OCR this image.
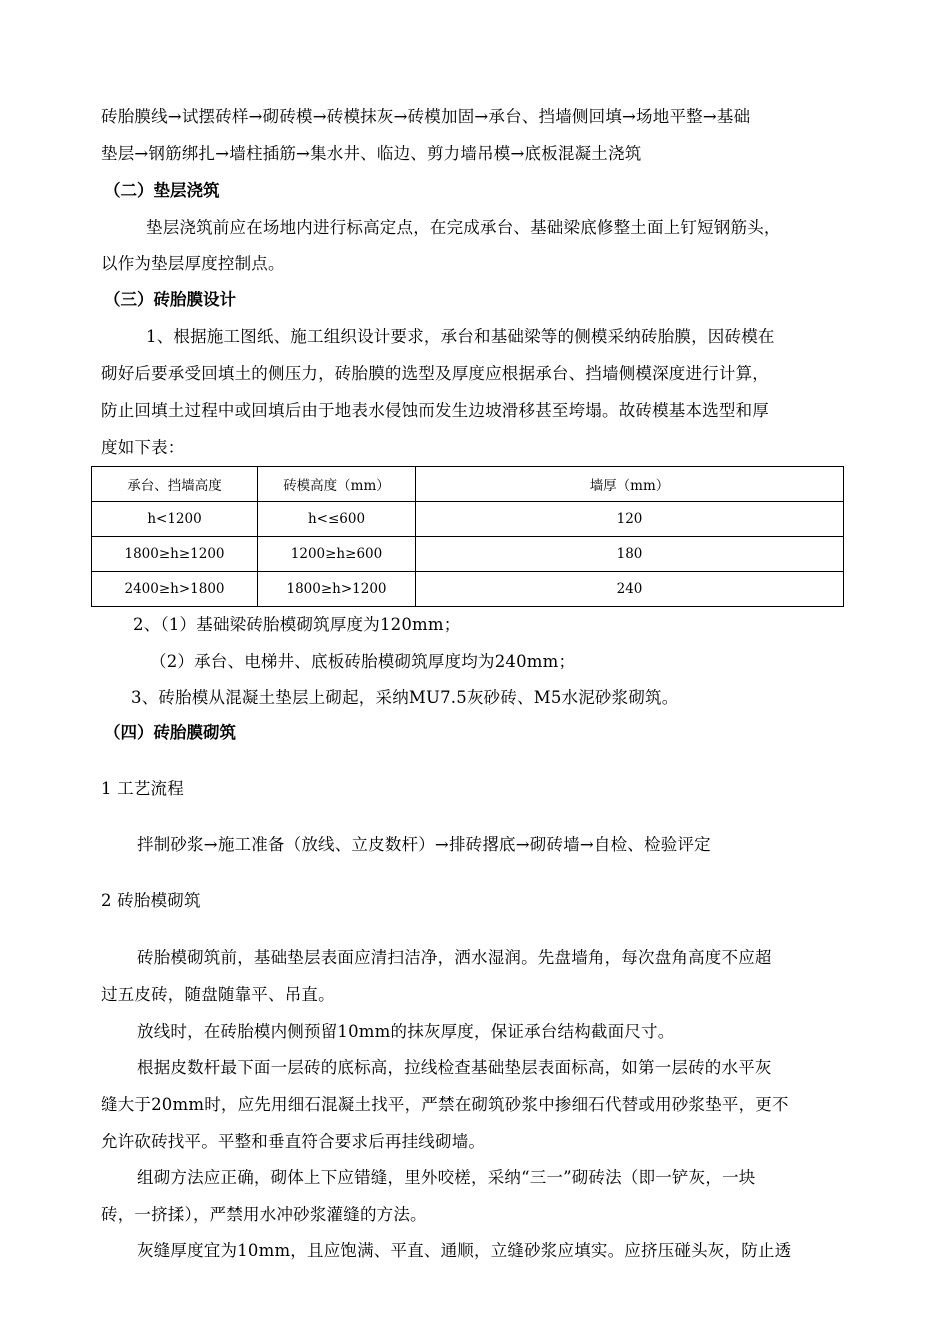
砖胎膜线→试摆砖样→砌砖模→砖模抹灰→砖模加固→承台、挡墙侧回填→场地平整→基础
垫层→钢筋绑扎→墙柱插筋→集水井、临边、剪力墙吊模→底板混凝土浇筑
（二）垫层浇筑
垫层浇筑前应在场地内进行标高定点，在完成承台、基础梁底修整土面上钉短钢筋头，
以作为垫层厚度控制点。
（三）砖胎膜设计
1、根据施工图纸、施工组织设计要求，承台和基础梁等的侧模采纳砖胎膜，因砖模在
砌好后要承受回填土的侧压力，砖胎膜的选型及厚度应根据承台、挡墙侧模深度进行计算，
防止回填土过程中或回填后由于地表水侵蚀而发生边坡滑移甚至垮塌。故砖模基本选型和厚
度如下表：
承台、挡墙高度	砖模高度（mm）	墙厚（mm）
h<1200	h<≤600	120
1800≥h≥1200	1200≥h≥600	180
2400≥h>1800	1800≥h>1200	240
2、（1）基础梁砖胎模砌筑厚度为120mm；
（2）承台、电梯井、底板砖胎模砌筑厚度均为240mm；
3、砖胎模从混凝土垫层上砌起，采纳MU7.5灰砂砖、M5水泥砂浆砌筑。
（四）砖胎膜砌筑
1 工艺流程
拌制砂浆→施工准备（放线、立皮数杆）→排砖撂底→砌砖墙→自检、检验评定
2 砖胎模砌筑
砖胎模砌筑前，基础垫层表面应清扫洁净，洒水湿润。先盘墙角，每次盘角高度不应超
过五皮砖，随盘随靠平、吊直。
放线时，在砖胎模内侧预留10mm的抹灰厚度，保证承台结构截面尺寸。
根据皮数杆最下面一层砖的底标高，拉线检查基础垫层表面标高，如第一层砖的水平灰
缝大于20mm时，应先用细石混凝土找平，严禁在砌筑砂浆中掺细石代替或用砂浆垫平，更不
允许砍砖找平。平整和垂直符合要求后再挂线砌墙。
组砌方法应正确，砌体上下应错缝，里外咬槎，采纳“三一”砌砖法（即一铲灰，一块
砖，一挤揉），严禁用水冲砂浆灌缝的方法。
灰缝厚度宜为10mm，且应饱满、平直、通顺，立缝砂浆应填实。应挤压碰头灰，防止透
